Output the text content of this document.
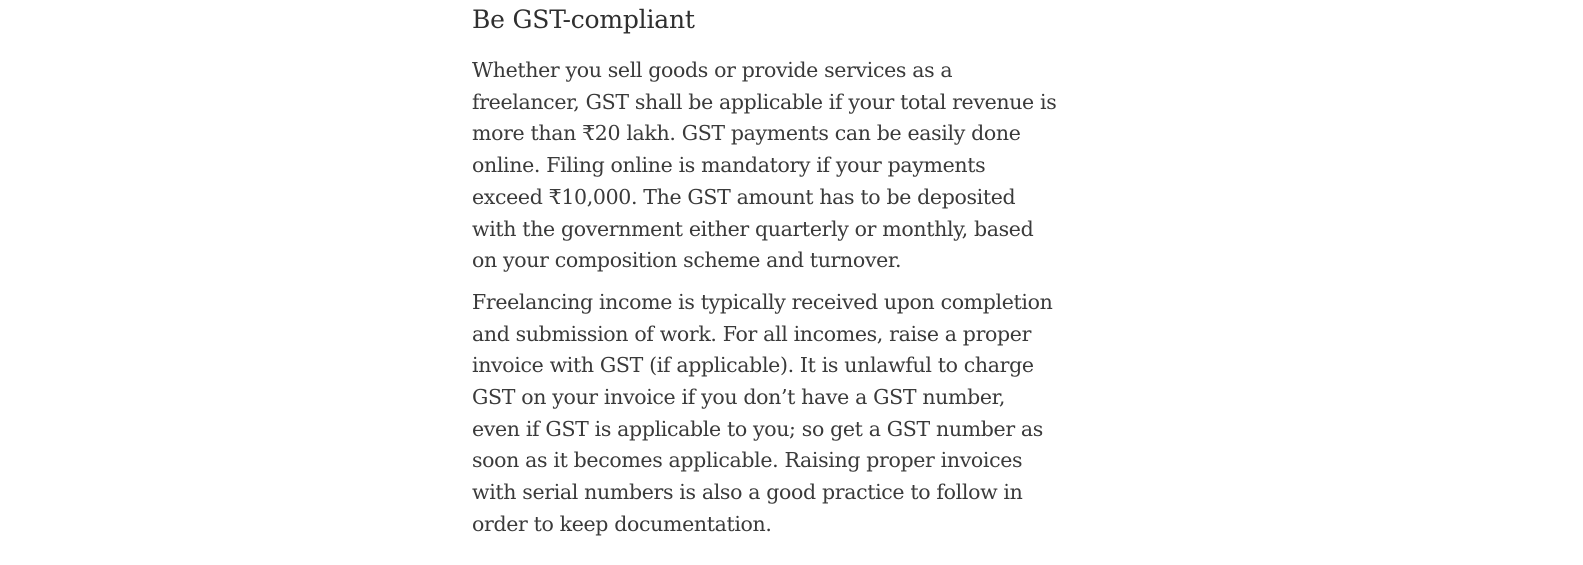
Be GST-compliant

Whether you sell goods or provide services as a
freelancer, GST shall be applicable if your total revenue is
more than ₹20 lakh. GST payments can be easily done
online. Filing online is mandatory if your payments
exceed ₹10,000. The GST amount has to be deposited
with the government either quarterly or monthly, based
on your composition scheme and turnover.

Freelancing income is typically received upon completion
and submission of work. For all incomes, raise a proper
invoice with GST (if applicable). It is unlawful to charge
GST on your invoice if you don’t have a GST number,
even if GST is applicable to you; so get a GST number as
soon as it becomes applicable. Raising proper invoices
with serial numbers is also a good practice to follow in
order to keep documentation.
